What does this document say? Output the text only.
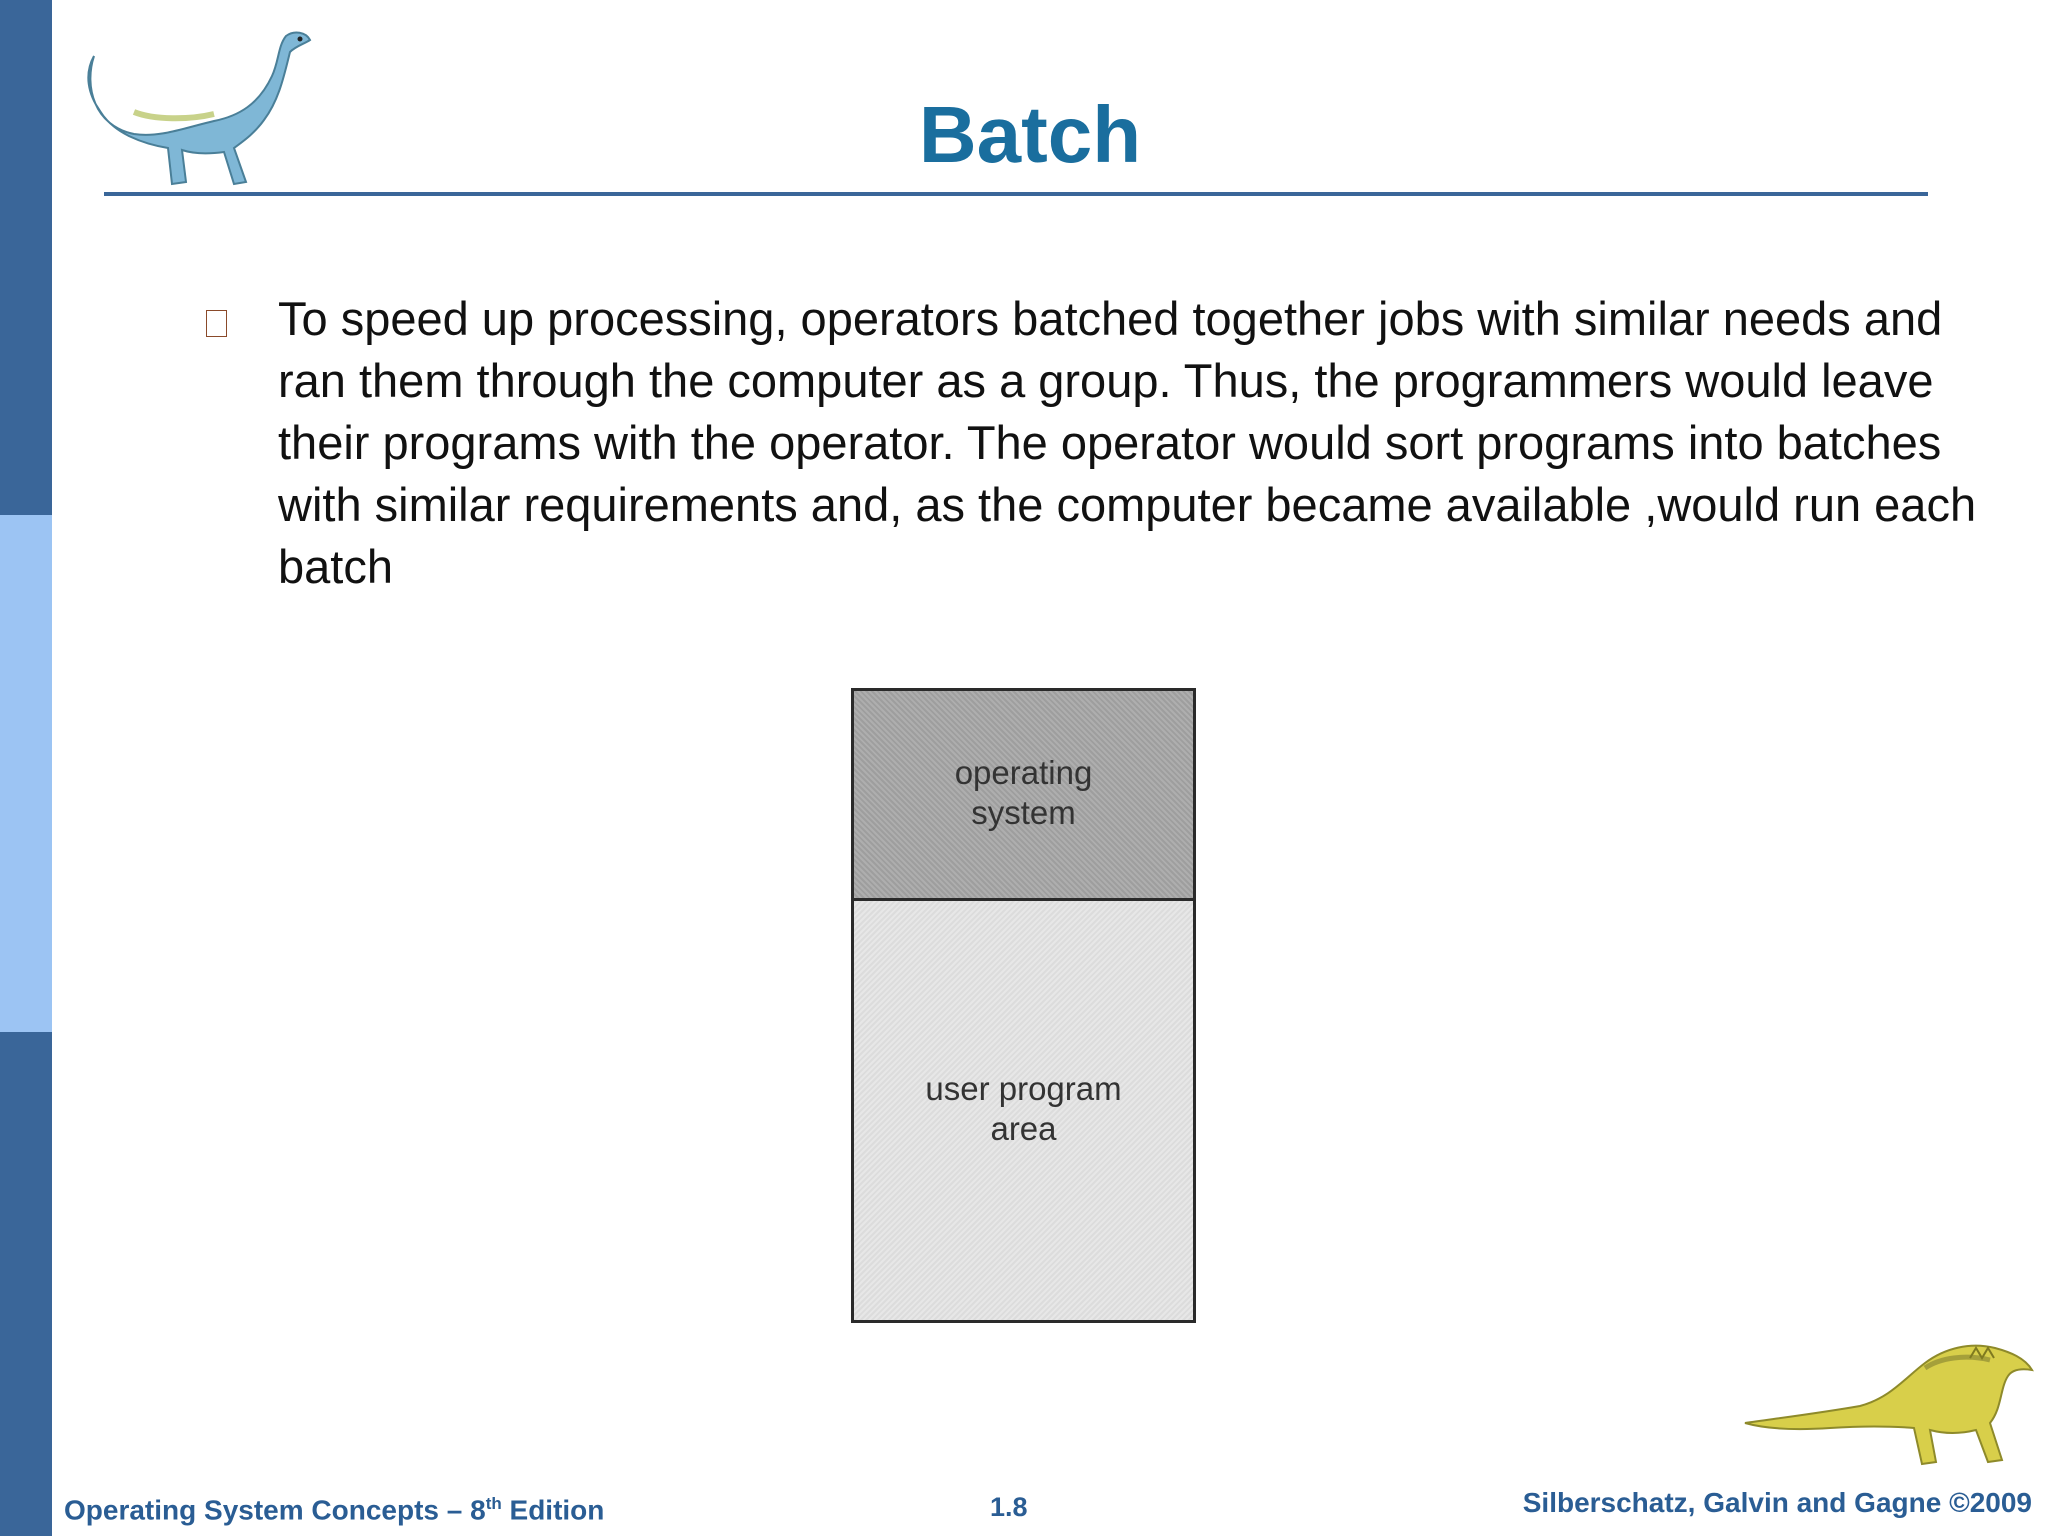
Batch

To speed up processing, operators batched together jobs with similar needs and ran them through the computer as a group. Thus, the programmers would leave their programs with the operator. The operator would sort programs into batches with similar requirements and, as the computer became available ,would run each batch

operating
system
user program
area
Operating System Concepts – 8th Edition	1.8	Silberschatz, Galvin and Gagne ©2009
